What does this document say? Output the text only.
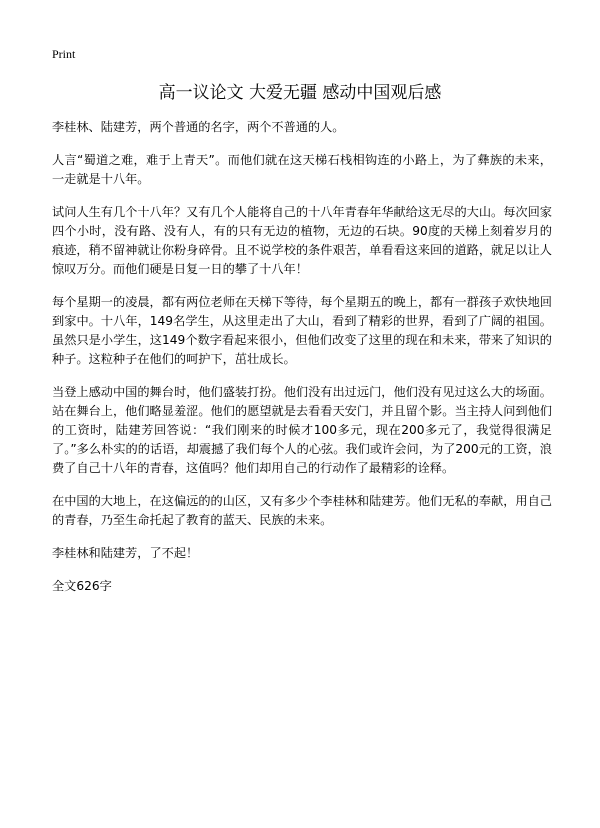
Print
高一议论文 大爱无疆 感动中国观后感

李桂林、陆建芳，两个普通的名字，两个不普通的人。

人言“蜀道之难，难于上青天”。而他们就在这天梯石栈相钩连的小路上，为了彝族的未来，一走就是十八年。

试问人生有几个十八年？又有几个人能将自己的十八年青春年华献给这无尽的大山。每次回家四个小时，没有路、没有人，有的只有无边的植物，无边的石块。90度的天梯上刻着岁月的痕迹，稍不留神就让你粉身碎骨。且不说学校的条件艰苦，单看看这来回的道路，就足以让人惊叹万分。而他们硬是日复一日的攀了十八年！

每个星期一的凌晨，都有两位老师在天梯下等待，每个星期五的晚上，都有一群孩子欢快地回到家中。十八年，149名学生，从这里走出了大山，看到了精彩的世界，看到了广阔的祖国。虽然只是小学生，这149个数字看起来很小，但他们改变了这里的现在和未来，带来了知识的种子。这粒种子在他们的呵护下，茁壮成长。

当登上感动中国的舞台时，他们盛装打扮。他们没有出过远门，他们没有见过这么大的场面。站在舞台上，他们略显羞涩。他们的愿望就是去看看天安门，并且留个影。当主持人问到他们的工资时，陆建芳回答说：“我们刚来的时候才100多元，现在200多元了，我觉得很满足了。”多么朴实的的话语，却震撼了我们每个人的心弦。我们或许会问，为了200元的工资，浪费了自己十八年的青春，这值吗？他们却用自己的行动作了最精彩的诠释。

在中国的大地上，在这偏远的的山区，又有多少个李桂林和陆建芳。他们无私的奉献，用自己的青春，乃至生命托起了教育的蓝天、民族的未来。

李桂林和陆建芳，了不起！

全文626字
